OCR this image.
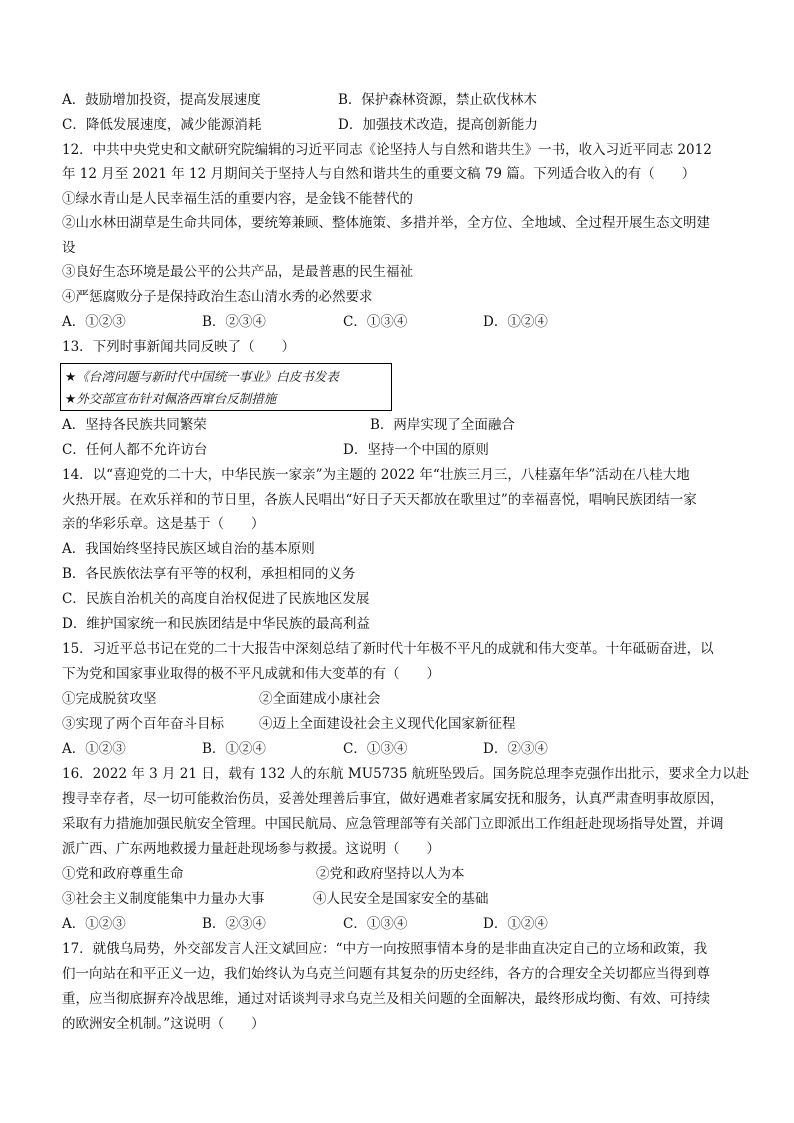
A．鼓励增加投资，提高发展速度	B．保护森林资源，禁止砍伐林木
C．降低发展速度，减少能源消耗	D．加强技术改造，提高创新能力
12．中共中央党史和文献研究院编辑的习近平同志《论坚持人与自然和谐共生》一书，收入习近平同志 2012
年 12 月至 2021 年 12 月期间关于坚持人与自然和谐共生的重要文稿 79 篇。下列适合收入的有（　　）
①绿水青山是人民幸福生活的重要内容，是金钱不能替代的
②山水林田湖草是生命共同体，要统筹兼顾、整体施策、多措并举，全方位、全地域、全过程开展生态文明建
设
③良好生态环境是最公平的公共产品，是最普惠的民生福祉
④严惩腐败分子是保持政治生态山清水秀的必然要求
A．①②③	B．②③④	C．①③④	D．①②④
13．下列时事新闻共同反映了（　　）
★《台湾问题与新时代中国统一事业》白皮书发表
★外交部宣布针对佩洛西窜台反制措施
A．坚持各民族共同繁荣	B．两岸实现了全面融合
C．任何人都不允许访台	D．坚持一个中国的原则
14．以“喜迎党的二十大，中华民族一家亲”为主题的 2022 年“壮族三月三，八桂嘉年华”活动在八桂大地
火热开展。在欢乐祥和的节日里，各族人民唱出“好日子天天都放在歌里过”的幸福喜悦，唱响民族团结一家
亲的华彩乐章。这是基于（　　）
A．我国始终坚持民族区域自治的基本原则
B．各民族依法享有平等的权利，承担相同的义务
C．民族自治机关的高度自治权促进了民族地区发展
D．维护国家统一和民族团结是中华民族的最高利益
15．习近平总书记在党的二十大报告中深刻总结了新时代十年极不平凡的成就和伟大变革。十年砥砺奋进，以
下为党和国家事业取得的极不平凡成就和伟大变革的有（　　）
①完成脱贫攻坚	②全面建成小康社会
③实现了两个百年奋斗目标	④迈上全面建设社会主义现代化国家新征程
A．①②③	B．①②④	C．①③④	D．②③④
16．2022 年 3 月 21 日，载有 132 人的东航 MU5735 航班坠毁后。国务院总理李克强作出批示，要求全力以赴
搜寻幸存者，尽一切可能救治伤员，妥善处理善后事宜，做好遇难者家属安抚和服务，认真严肃查明事故原因，
采取有力措施加强民航安全管理。中国民航局、应急管理部等有关部门立即派出工作组赶赴现场指导处置，并调
派广西、广东两地救援力量赶赴现场参与救援。这说明（　　）
①党和政府尊重生命	②党和政府坚持以人为本
③社会主义制度能集中力量办大事	④人民安全是国家安全的基础
A．①②③	B．②③④	C．①③④	D．①②④
17．就俄乌局势，外交部发言人汪文斌回应：“中方一向按照事情本身的是非曲直决定自己的立场和政策，我
们一向站在和平正义一边，我们始终认为乌克兰问题有其复杂的历史经纬，各方的合理安全关切都应当得到尊
重，应当彻底摒弃冷战思维，通过对话谈判寻求乌克兰及相关问题的全面解决，最终形成均衡、有效、可持续
的欧洲安全机制。”这说明（　　）
